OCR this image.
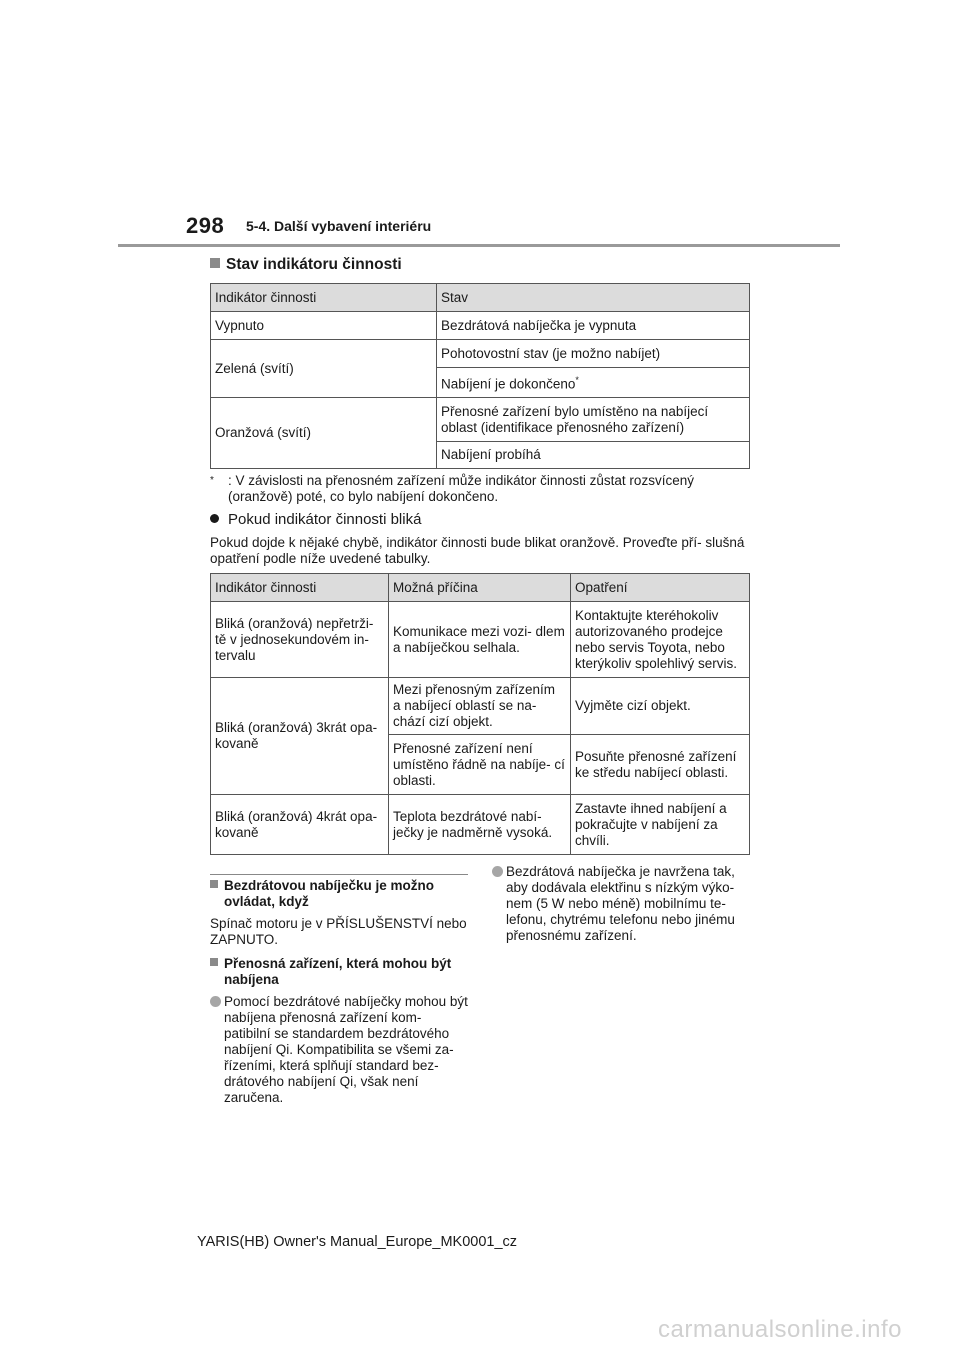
298 5-4. Další vybavení interiéru
Stav indikátoru činnosti
Indikátor činnosti	Stav
Vypnuto	Bezdrátová nabíječka je vypnuta
Zelená (svítí)	Pohotovostní stav (je možno nabíjet)
	Nabíjení je dokončeno*
Oranžová (svítí)	Přenosné zařízení bylo umístěno na nabíjecí oblast (identifikace přenosného zařízení)
	Nabíjení probíhá
* : V závislosti na přenosném zařízení může indikátor činnosti zůstat rozsvícený (oranžově) poté, co bylo nabíjení dokončeno.
Pokud indikátor činnosti bliká
Pokud dojde k nějaké chybě, indikátor činnosti bude blikat oranžově. Proveďte pří- slušná opatření podle níže uvedené tabulky.
Indikátor činnosti	Možná příčina	Opatření
Bliká (oranžová) nepřetrži- tě v jednosekundovém in- tervalu	Komunikace mezi vozi- dlem a nabíječkou selhala.	Kontaktujte kteréhokoliv autorizovaného prodejce nebo servis Toyota, nebo kterýkoliv spolehlivý servis.
Bliká (oranžová) 3krát opa- kovaně	Mezi přenosným zařízením a nabíjecí oblastí se na- chází cizí objekt.	Vyjměte cizí objekt.
	Přenosné zařízení není umístěno řádně na nabíje- cí oblasti.	Posuňte přenosné zařízení ke středu nabíjecí oblasti.
Bliká (oranžová) 4krát opa- kovaně	Teplota bezdrátové nabí- ječky je nadměrně vysoká.	Zastavte ihned nabíjení a pokračujte v nabíjení za chvíli.
Bezdrátovou nabíječku je možno ovládat, když
Spínač motoru je v PŘÍSLUŠENSTVÍ nebo ZAPNUTO.
Přenosná zařízení, která mohou být nabíjena
Pomocí bezdrátové nabíječky mohou být nabíjena přenosná zařízení kom- patibilní se standardem bezdrátového nabíjení Qi. Kompatibilita se všemi za- řízeními, která splňují standard bez- drátového nabíjení Qi, však není zaručena.
Bezdrátová nabíječka je navržena tak, aby dodávala elektřinu s nízkým výko- nem (5 W nebo méně) mobilnímu te- lefonu, chytrému telefonu nebo jinému přenosnému zařízení.
YARIS(HB) Owner's Manual_Europe_MK0001_cz
carmanualsonline.info
